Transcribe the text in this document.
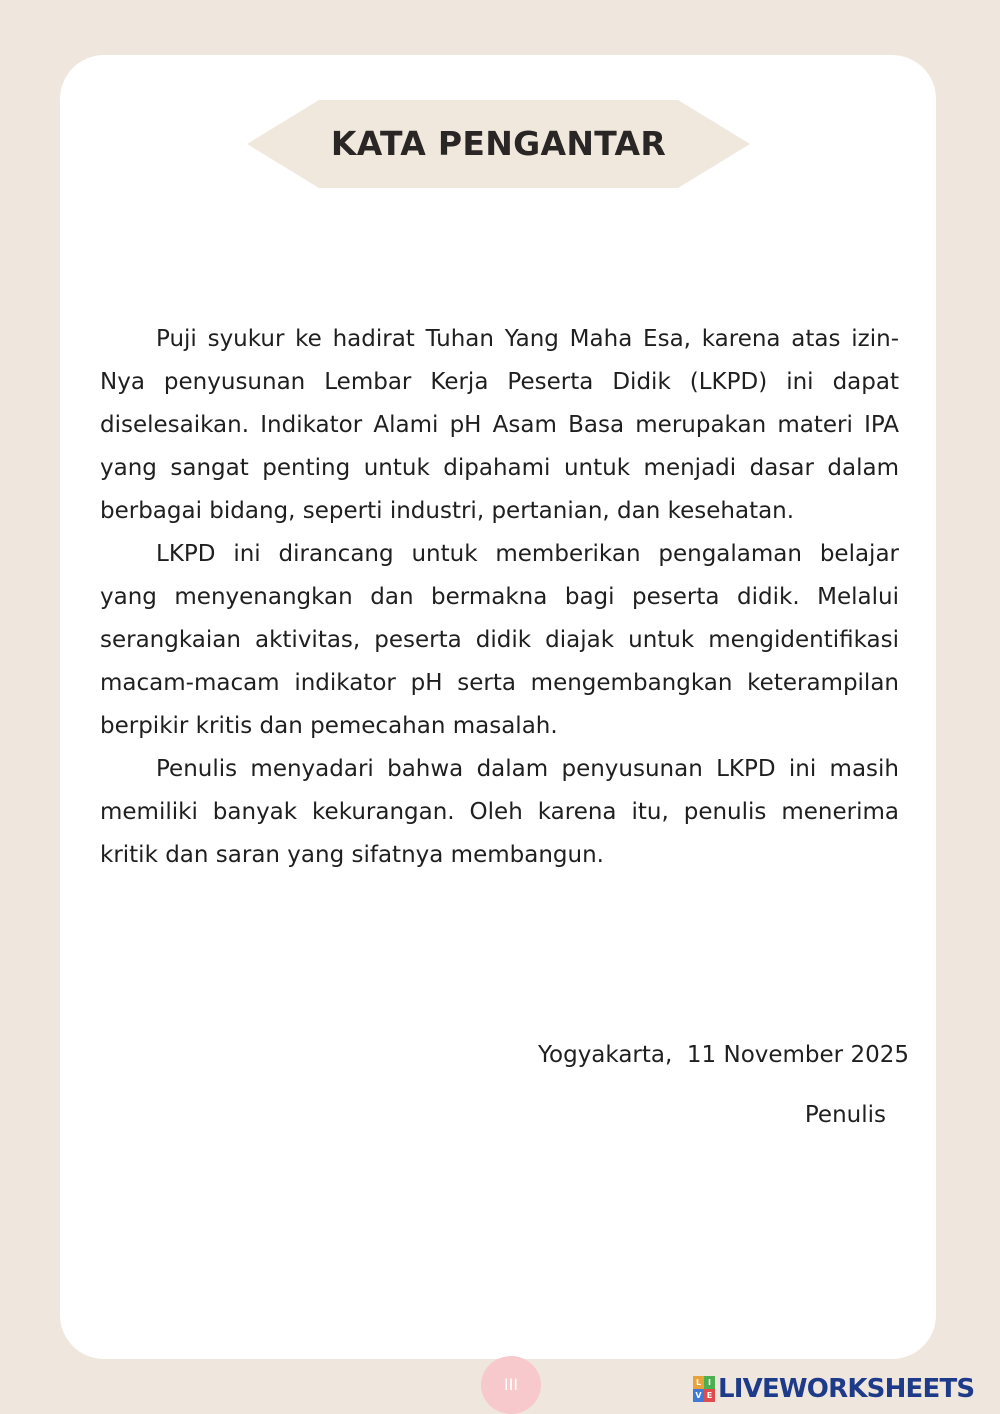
KATA PENGANTAR

Puji syukur ke hadirat Tuhan Yang Maha Esa, karena atas izin-Nya penyusunan Lembar Kerja Peserta Didik (LKPD) ini dapat diselesaikan. Indikator Alami pH Asam Basa merupakan materi IPA yang sangat penting untuk dipahami untuk menjadi dasar dalam berbagai bidang, seperti industri, pertanian, dan kesehatan.

LKPD ini dirancang untuk memberikan pengalaman belajar yang menyenangkan dan bermakna bagi peserta didik. Melalui serangkaian aktivitas, peserta didik diajak untuk mengidentifikasi macam-macam indikator pH serta mengembangkan keterampilan berpikir kritis dan pemecahan masalah.

Penulis menyadari bahwa dalam penyusunan LKPD ini masih memiliki banyak kekurangan. Oleh karena itu, penulis menerima kritik dan saran yang sifatnya membangun.

Yogyakarta,  11 November 2025
Penulis
III	L I
V E LIVEWORKSHEETS
